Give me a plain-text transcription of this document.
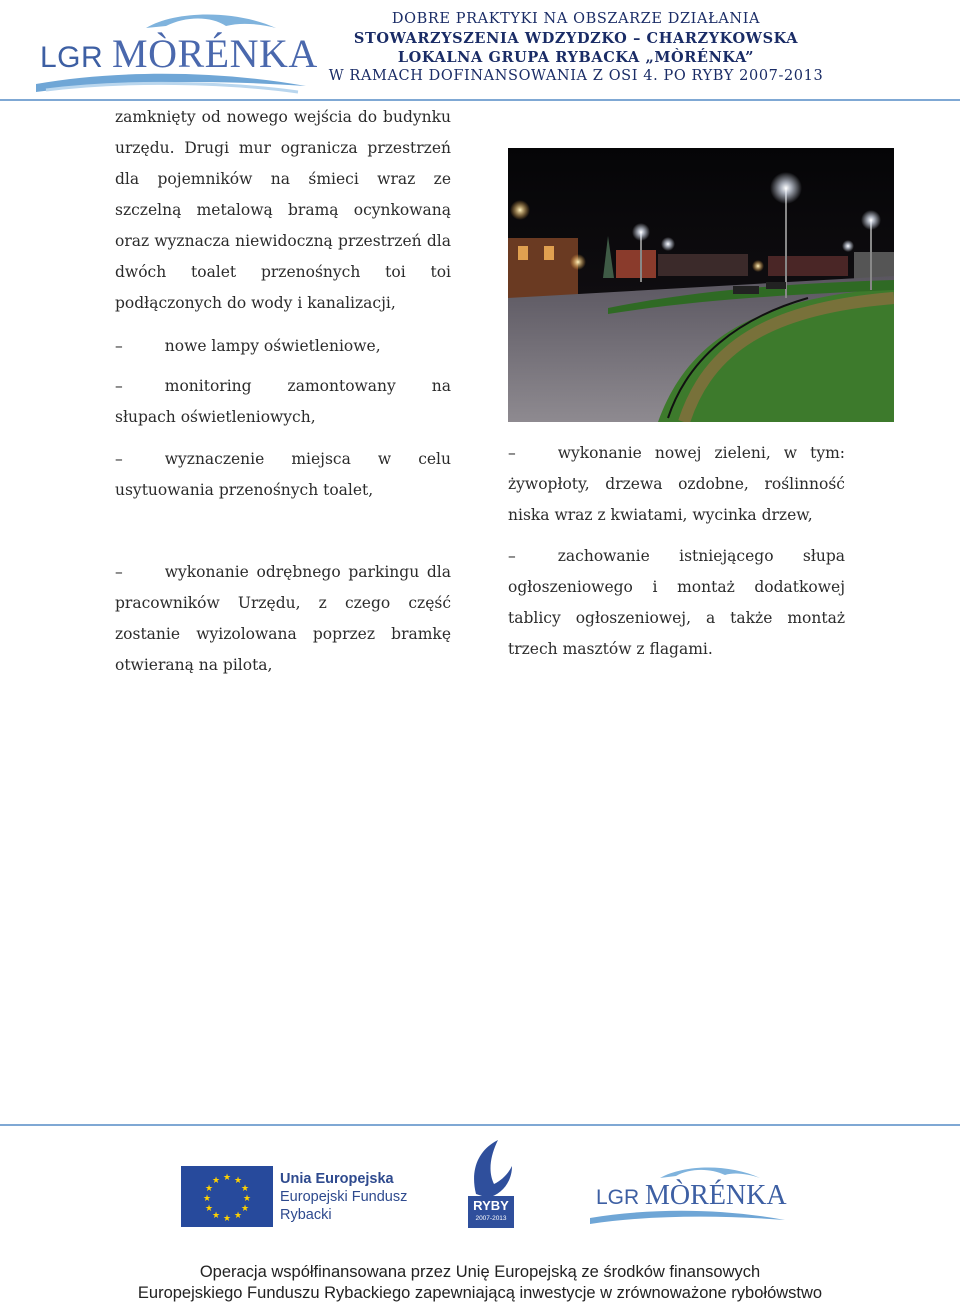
LGR MÒRÉNKA
DOBRE PRAKTYKI NA OBSZARZE DZIAŁANIA
STOWARZYSZENIA WDZYDZKO – CHARZYKOWSKA
LOKALNA GRUPA RYBACKA „MÒRÉNKA”
W RAMACH DOFINANSOWANIA Z OSI 4. PO RYBY 2007-2013

zamknięty od nowego wejścia do budynku

urzędu. Drugi mur ogranicza przestrzeń dla pojemników na śmieci wraz ze szczelną metalową bramą ocynkowaną oraz wyznacza niewidoczną przestrzeń dla dwóch toalet przenośnych toi toi podłączonych do wody i kanalizacji,

–	nowe lampy oświetleniowe,

–	monitoring zamontowany na słupach oświetleniowych,

–	wyznaczenie miejsca w celu usytuowania przenośnych toalet,

–	wykonanie odrębnego parkingu dla pracowników Urzędu, z czego część zostanie wyizolowana poprzez bramkę otwieraną na pilota,

–	wykonanie nowej zieleni, w tym: żywopłoty, drzewa ozdobne, roślinność niska wraz z kwiatami, wycinka drzew,

–	zachowanie istniejącego słupa ogłoszeniowego i montaż dodatkowej tablicy ogłoszeniowej, a także montaż trzech masztów z flagami.

★ ★
★
★
★
★
★
★
★
★
★
★	Unia Europejska
Europejski Fundusz
Rybacki
RYBY
2007-2013
LGR MÒRÉNKA
Operacja współfinansowana przez Unię Europejską ze środków finansowych
Europejskiego Funduszu Rybackiego zapewniającą inwestycje w zrównoważone rybołówstwo
